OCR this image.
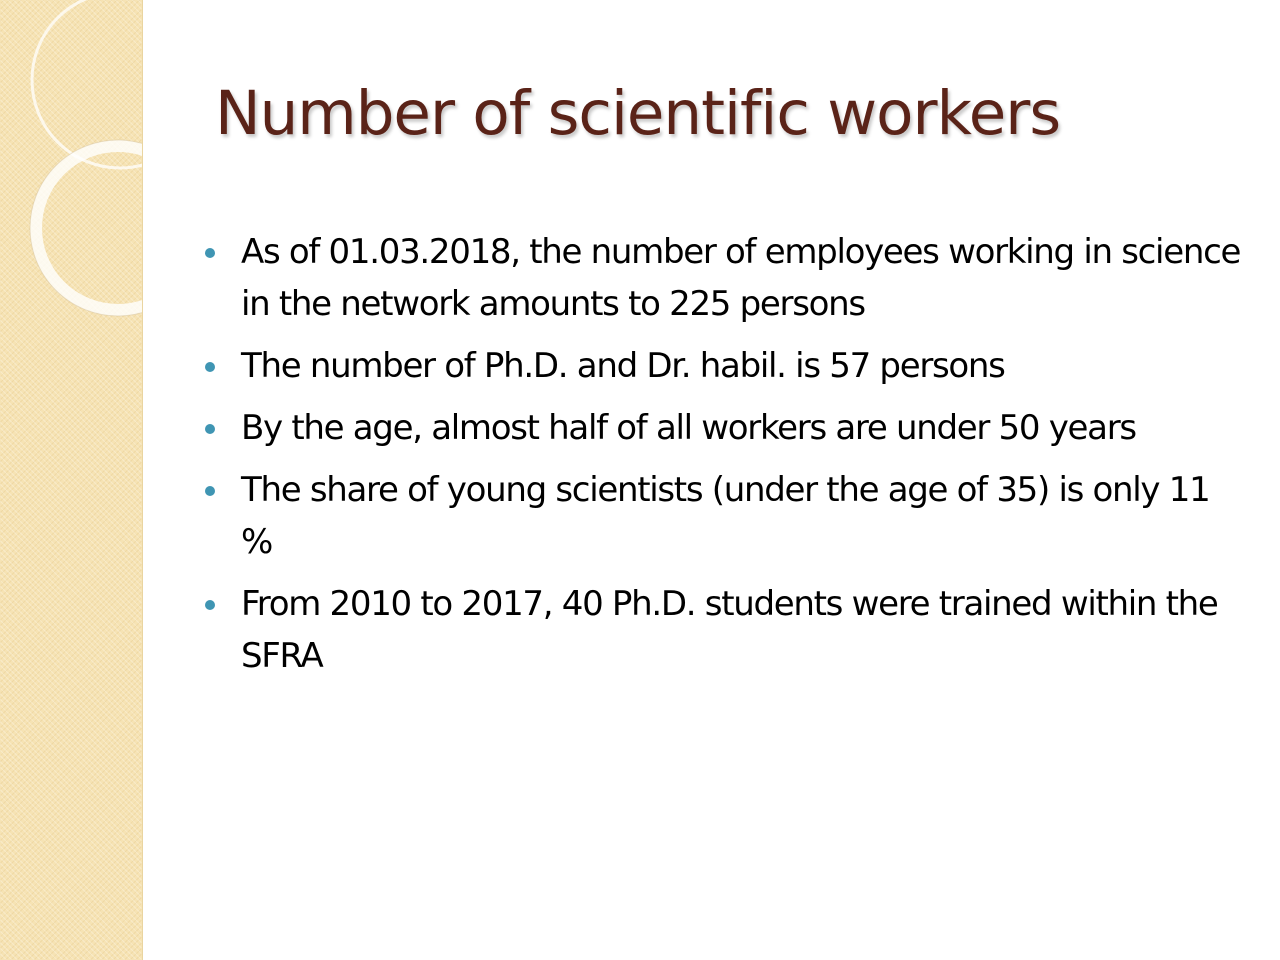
Number of scientific workers
As of 01.03.2018, the number of employees working in science in the network amounts to 225 persons
The number of Ph.D. and Dr. habil. is 57 persons
By the age, almost half of all workers are under 50 years
The share of young scientists (under the age of 35) is only 11 %
From 2010 to 2017, 40 Ph.D. students were trained within the SFRA
